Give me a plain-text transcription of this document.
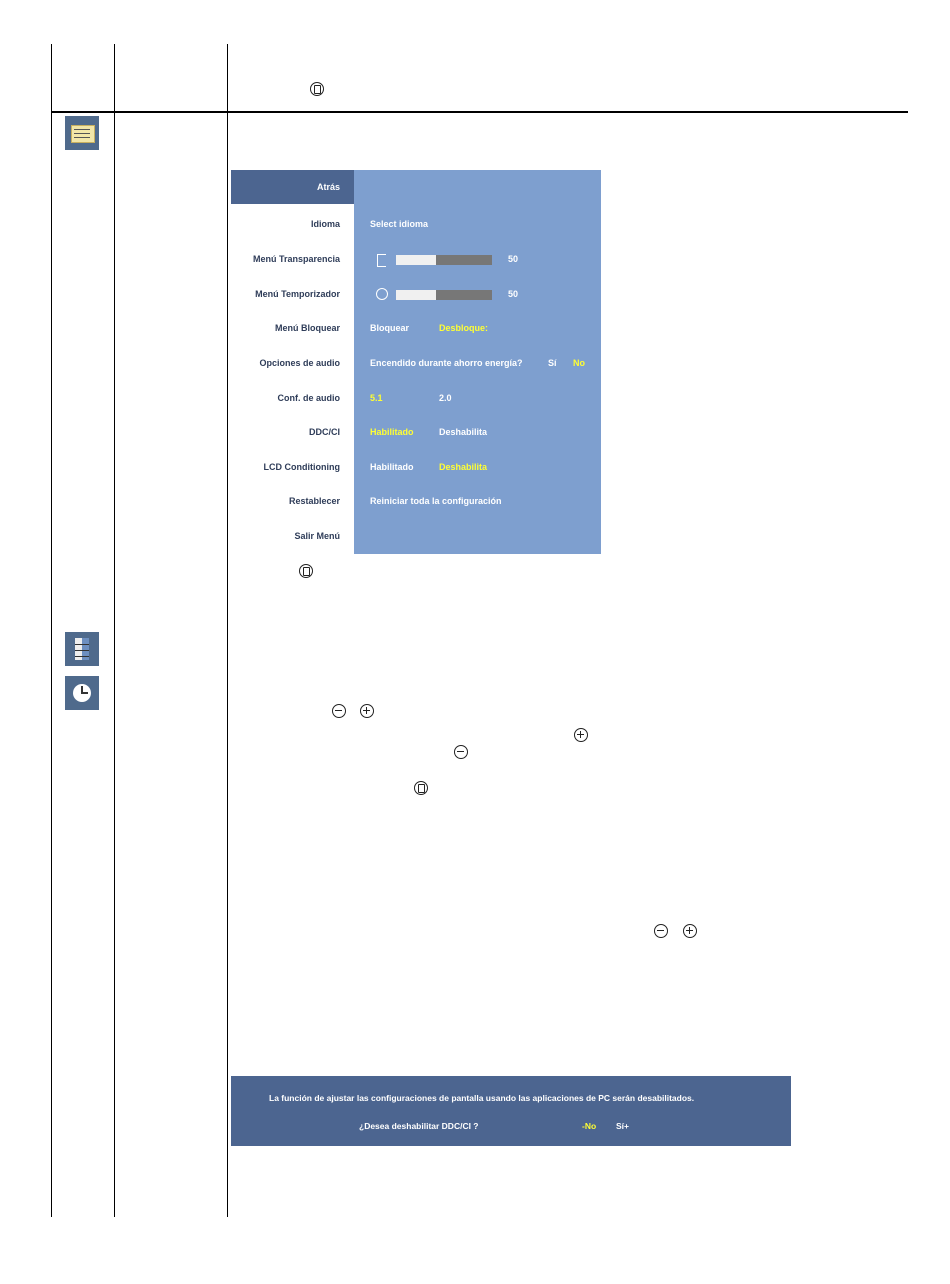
Atrás
Idioma	Select idioma
Menú Transparencia	50
Menú Temporizador	50
Menú Bloquear	Bloquear	Desbloque:
Opciones de audio	Encendido durante ahorro energía?	Sí No
Conf. de audio	5.1	2.0
DDC/CI	Habilitado	Deshabilita
LCD Conditioning	Habilitado	Deshabilita
Restablecer	Reiniciar toda la configuración
Salir Menú
La función de ajustar las configuraciones de pantalla usando las aplicaciones de PC serán desabilitados.
¿Desea deshabilitar DDC/CI ?	-No Sí+
